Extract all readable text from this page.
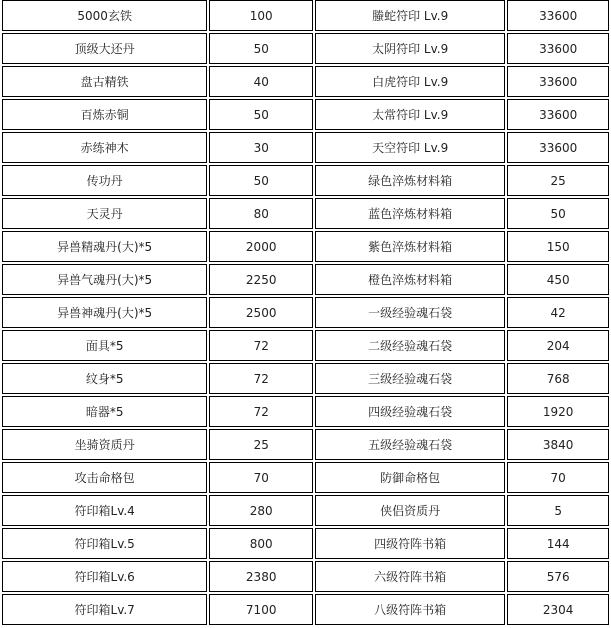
5000玄铁	100	螣蛇符印 Lv.9	33600
顶级大还丹	50	太阴符印 Lv.9	33600
盘古精铁	40	白虎符印 Lv.9	33600
百炼赤铜	50	太常符印 Lv.9	33600
赤练神木	30	天空符印 Lv.9	33600
传功丹	50	绿色淬炼材料箱	25
天灵丹	80	蓝色淬炼材料箱	50
异兽精魂丹(大)*5	2000	紫色淬炼材料箱	150
异兽气魂丹(大)*5	2250	橙色淬炼材料箱	450
异兽神魂丹(大)*5	2500	一级经验魂石袋	42
面具*5	72	二级经验魂石袋	204
纹身*5	72	三级经验魂石袋	768
暗器*5	72	四级经验魂石袋	1920
坐骑资质丹	25	五级经验魂石袋	3840
攻击命格包	70	防御命格包	70
符印箱Lv.4	280	侠侣资质丹	5
符印箱Lv.5	800	四级符阵书箱	144
符印箱Lv.6	2380	六级符阵书箱	576
符印箱Lv.7	7100	八级符阵书箱	2304
